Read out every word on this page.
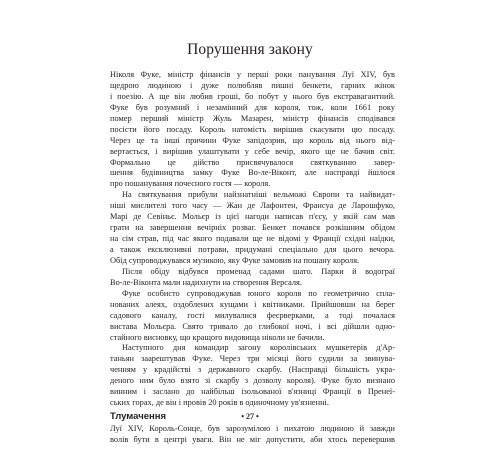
Порушення закону
Ніколя Фуке, міністр фінансів у перші роки панування Луї XIV, був
щедрою людиною і дуже полюбляв пишні бенкети, гарних жінок
і поезію. А ще він любив гроші, бо побут у нього був екстравагантний.
Фуке був розумний і незамінний для короля, тож, коли 1661 року
помер перший міністр Жуль Мазарен, міністр фінансів сподівався
посісти його посаду. Король натомість вирішив скасувати цю посаду.
Через це та інші причини Фуке запідозрив, що король від нього від-
вертається, і вирішив улаштувати у себе вечір, якого ще не бачив світ.
Формально це дійство присвячувалося святкуванню завер-
шення будівництва замку Фуке Во-ле-Віконт, але насправді йшлося
про пошанування почесного гостя — короля.
На святкування прибули найзнатніші вельможі Європи та найвидат-
ніші мислителі того часу — Жан де Лафонтен, Франсуа де Ларошфуко,
Марі де Севіньє. Мольєр із цієї нагоди написав п'єсу, у якій сам мав
грати на завершення вечірніх розваг. Бенкет почався розкішним обідом
на сім страв, під час якого подавали ще не відомі у Франції східні наїдки,
а також ексклюзивні потрави, придумані спеціально для цього вечора.
Обід супроводжувався музикою, яку Фуке замовив на пошану короля.
Після обіду відбувся променад садами шато. Парки й водограї
Во-ле-Віконта мали надихнути на створення Версаля.
Фуке особисто супроводжував юного короля по геометрично спла-
нованих алеях, оздоблених кущами і квітниками. Прийшовши на берег
садового каналу, гості милувалися феєрверками, а тоді почалася
вистава Мольєра. Свято тривало до глибокої ночі, і всі дійшли одно-
стайного висновку, що кращого видовища ніколи не бачили.
Наступного дня командир загону королівських мушкетерів д'Ар-
таньян заарештував Фуке. Через три місяці його судили за звинува-
ченням у крадійстві з державного скарбу. (Насправді більшість укра-
деного ним було взято зі скарбу з дозволу короля). Фуке було визнано
винним і заслано до найбільш ізольованої в'язниці Франції в Пренеї-
ських горах, де він і провів 20 років в одиночному ув'язненні.
Тлумачення
Луї XIV, Король-Сонце, був зарозумілою і пихатою людиною й завжди
волів бути в центрі уваги. Він не міг допустити, аби хтось перевершив
• 27 •
